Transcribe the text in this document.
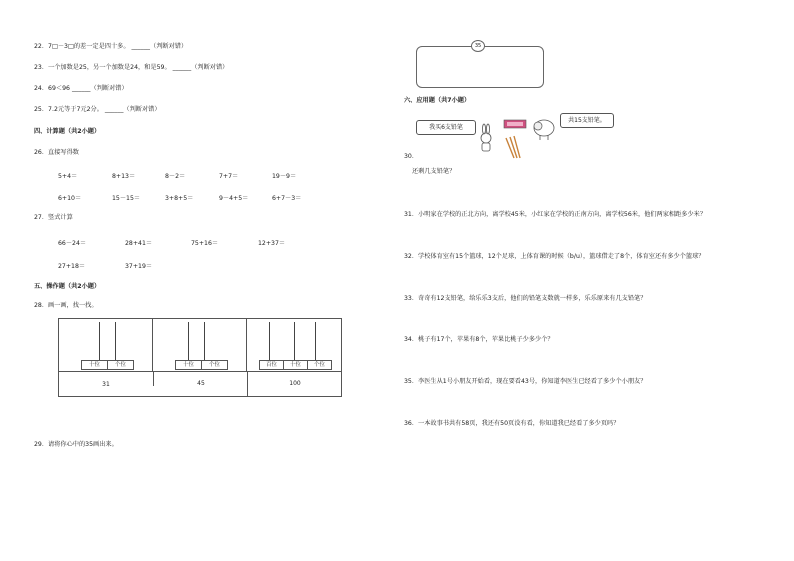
22．7□－3□的差一定是四十多。 ______（判断对错）
23．一个加数是25，另一个加数是24，和是59。 ______（判断对错）
24．69＜96 ______（判断对错）
25．7.2元等于7元2分。 ______（判断对错）
四、计算题（共2小题）
26．直接写得数
5+4＝	8+13＝	8－2＝	7+7＝	19－9＝
6+10＝	15－15＝	3+8+5＝	9－4+5＝	6+7－3＝
27．竖式计算
66－24＝	28+41＝	75+16＝	12+37＝
27+18＝	37+19＝
五、操作题（共2小题）
28．画一画，找一找。
十位	个位	十位	个位	百位	十位	个位
31	45	100
29．请将你心中的35画出来。
35
六、应用题（共7小题）
我买6支铅笔
共15支铅笔。
30．
还剩几支铅笔？
31．小明家在学校的正北方向，离学校45米，小红家在学校的正南方向，离学校56米，他们两家相距多少米？
32．学校体育室有15个篮球，12个足球，上体育课的时候（b/u），篮球借走了8个，体育室还有多少个篮球？
33．奇奇有12支铅笔，给乐乐3支后，他们的铅笔支数就一样多，乐乐原来有几支铅笔？
34．桃子有17个，苹果有8个，苹果比桃子少多少个？
35．李医生从1号小朋友开始看，现在要看43号，你知道李医生已经看了多少个小朋友？
36．一本故事书共有58页，我还有50页没有看，你知道我已经看了多少页吗？
